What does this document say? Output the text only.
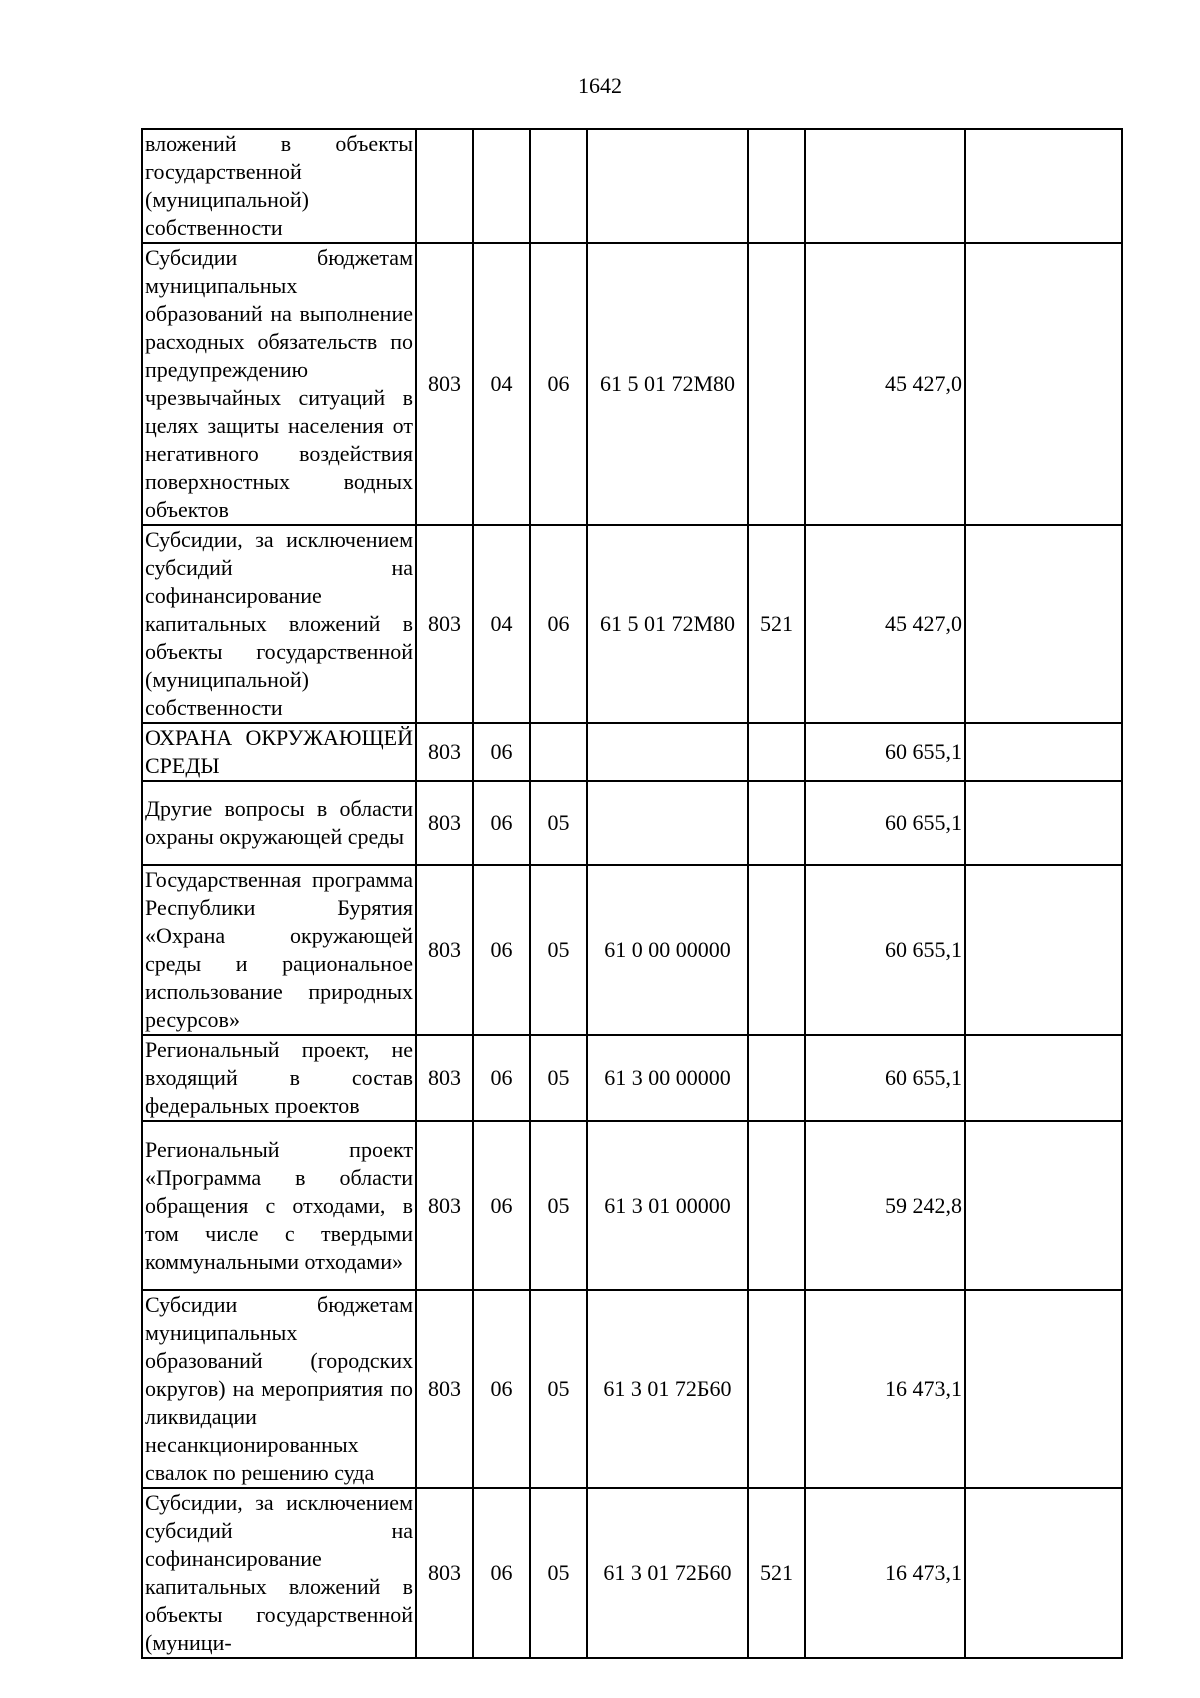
1642
вложений в объекты государственной (муниципальной) собственности							
Субсидии бюджетам муниципальных образований на выполнение расходных обязательств по предупреждению чрезвычайных ситуаций в целях защиты населения от негативного воздействия поверхностных водных объектов	803	04	06	61 5 01 72М80		45 427,0	
Субсидии, за исключением субсидий на софинансирование капитальных вложений в объекты государственной (муниципальной) собственности	803	04	06	61 5 01 72М80	521	45 427,0	
ОХРАНА ОКРУЖАЮЩЕЙ СРЕДЫ	803	06				60 655,1	
Другие вопросы в области охраны окружающей среды	803	06	05			60 655,1	
Государственная программа Республики Бурятия «Охрана окружающей среды и рациональное использование природных ресурсов»	803	06	05	61 0 00 00000		60 655,1	
Региональный проект, не входящий в состав федеральных проектов	803	06	05	61 3 00 00000		60 655,1	
Региональный проект «Программа в области обращения с отходами, в том числе с твердыми коммунальными отходами»	803	06	05	61 3 01 00000		59 242,8	
Субсидии бюджетам муниципальных образований (городских округов) на мероприятия по ликвидации несанкционированных свалок по решению суда	803	06	05	61 3 01 72Б60		16 473,1	
Субсидии, за исключением субсидий на софинансирование капитальных вложений в объекты государственной (муници-	803	06	05	61 3 01 72Б60	521	16 473,1	
